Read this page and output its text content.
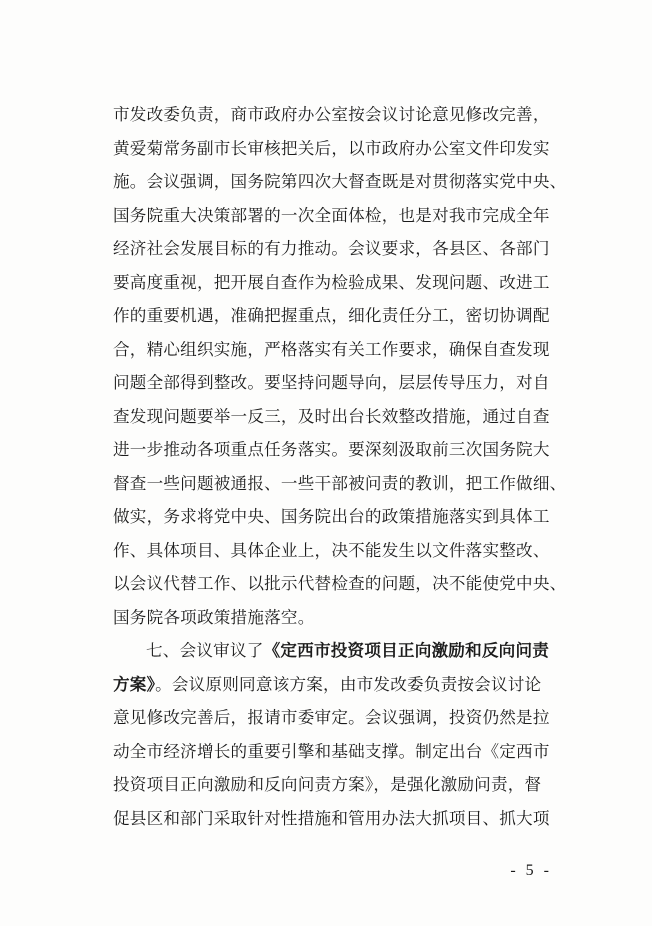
市发改委负责，商市政府办公室按会议讨论意见修改完善，
黄爱菊常务副市长审核把关后，以市政府办公室文件印发实
施。会议强调，国务院第四次大督查既是对贯彻落实党中央、
国务院重大决策部署的一次全面体检，也是对我市完成全年
经济社会发展目标的有力推动。会议要求，各县区、各部门
要高度重视，把开展自查作为检验成果、发现问题、改进工
作的重要机遇，准确把握重点，细化责任分工，密切协调配
合，精心组织实施，严格落实有关工作要求，确保自查发现
问题全部得到整改。要坚持问题导向，层层传导压力，对自
查发现问题要举一反三，及时出台长效整改措施，通过自查
进一步推动各项重点任务落实。要深刻汲取前三次国务院大
督查一些问题被通报、一些干部被问责的教训，把工作做细、
做实，务求将党中央、国务院出台的政策措施落实到具体工
作、具体项目、具体企业上，决不能发生以文件落实整改、
以会议代替工作、以批示代替检查的问题，决不能使党中央、
国务院各项政策措施落空。
七、会议审议了《定西市投资项目正向激励和反向问责
方案》。会议原则同意该方案，由市发改委负责按会议讨论
意见修改完善后，报请市委审定。会议强调，投资仍然是拉
动全市经济增长的重要引擎和基础支撑。制定出台《定西市
投资项目正向激励和反向问责方案》，是强化激励问责，督
促县区和部门采取针对性措施和管用办法大抓项目、抓大项
- 5 -
